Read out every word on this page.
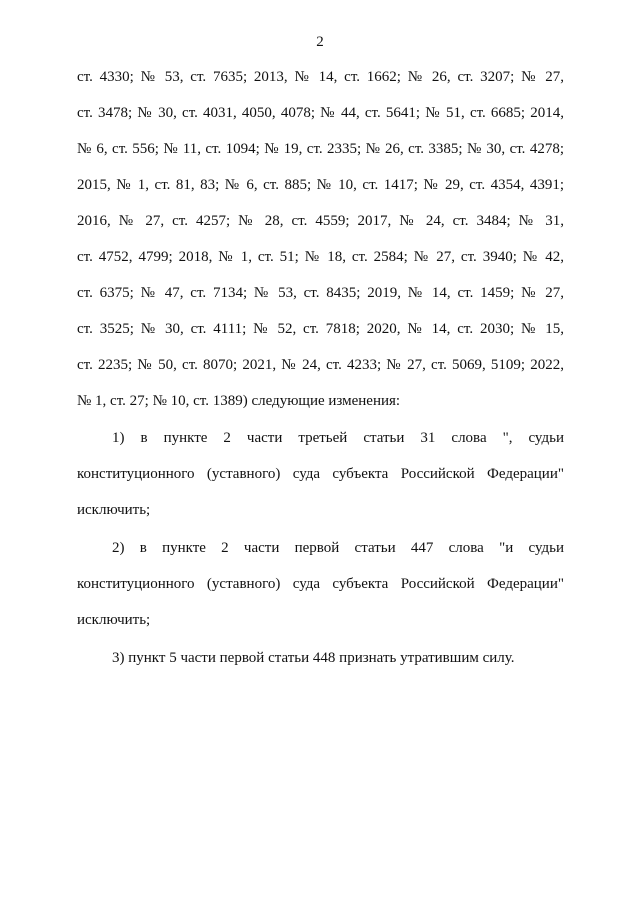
2
ст. 4330; № 53, ст. 7635; 2013, № 14, ст. 1662; № 26, ст. 3207; № 27,
ст. 3478; № 30, ст. 4031, 4050, 4078; № 44, ст. 5641; № 51, ст. 6685; 2014,
№ 6, ст. 556; № 11, ст. 1094; № 19, ст. 2335; № 26, ст. 3385; № 30, ст. 4278;
2015, № 1, ст. 81, 83; № 6, ст. 885; № 10, ст. 1417; № 29, ст. 4354, 4391;
2016, № 27, ст. 4257; № 28, ст. 4559; 2017, № 24, ст. 3484; № 31,
ст. 4752, 4799; 2018, № 1, ст. 51; № 18, ст. 2584; № 27, ст. 3940; № 42,
ст. 6375; № 47, ст. 7134; № 53, ст. 8435; 2019, № 14, ст. 1459; № 27,
ст. 3525; № 30, ст. 4111; № 52, ст. 7818; 2020, № 14, ст. 2030; № 15,
ст. 2235; № 50, ст. 8070; 2021, № 24, ст. 4233; № 27, ст. 5069, 5109; 2022,
№ 1, ст. 27; № 10, ст. 1389) следующие изменения:
1) в пункте 2 части третьей статьи 31 слова ", судьи
конституционного (уставного) суда субъекта Российской Федерации"
исключить;
2) в пункте 2 части первой статьи 447 слова "и судьи
конституционного (уставного) суда субъекта Российской Федерации"
исключить;
3) пункт 5 части первой статьи 448 признать утратившим силу.
